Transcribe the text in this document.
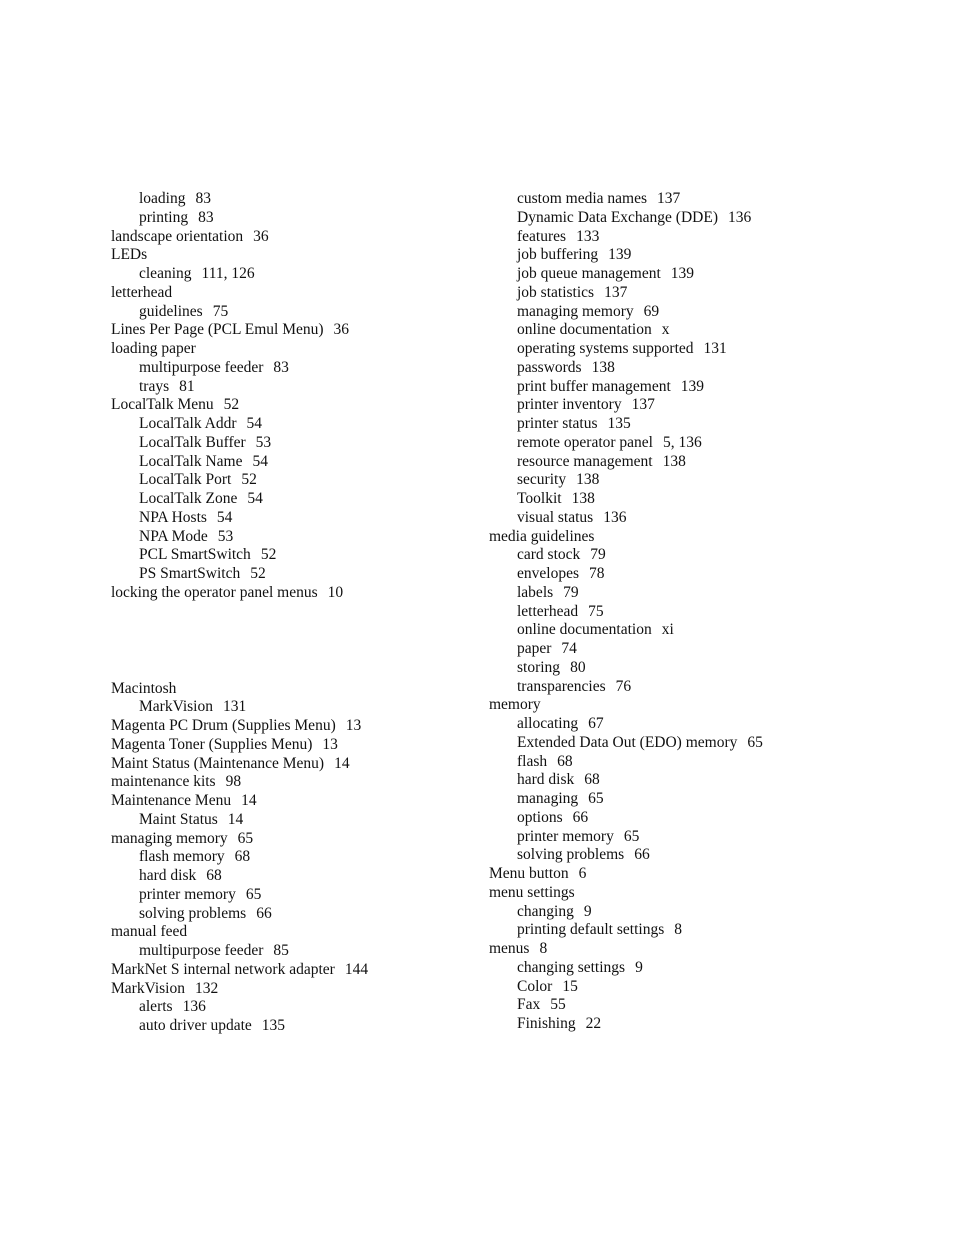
loading 83
printing 83
landscape orientation 36
LEDs
cleaning 111, 126
letterhead
guidelines 75
Lines Per Page (PCL Emul Menu) 36
loading paper
multipurpose feeder 83
trays 81
LocalTalk Menu 52
LocalTalk Addr 54
LocalTalk Buffer 53
LocalTalk Name 54
LocalTalk Port 52
LocalTalk Zone 54
NPA Hosts 54
NPA Mode 53
PCL SmartSwitch 52
PS SmartSwitch 52
locking the operator panel menus 10
Macintosh
MarkVision 131
Magenta PC Drum (Supplies Menu) 13
Magenta Toner (Supplies Menu) 13
Maint Status (Maintenance Menu) 14
maintenance kits 98
Maintenance Menu 14
Maint Status 14
managing memory 65
flash memory 68
hard disk 68
printer memory 65
solving problems 66
manual feed
multipurpose feeder 85
MarkNet S internal network adapter 144
MarkVision 132
alerts 136
auto driver update 135
custom media names 137
Dynamic Data Exchange (DDE) 136
features 133
job buffering 139
job queue management 139
job statistics 137
managing memory 69
online documentation x
operating systems supported 131
passwords 138
print buffer management 139
printer inventory 137
printer status 135
remote operator panel 5, 136
resource management 138
security 138
Toolkit 138
visual status 136
media guidelines
card stock 79
envelopes 78
labels 79
letterhead 75
online documentation xi
paper 74
storing 80
transparencies 76
memory
allocating 67
Extended Data Out (EDO) memory 65
flash 68
hard disk 68
managing 65
options 66
printer memory 65
solving problems 66
Menu button 6
menu settings
changing 9
printing default settings 8
menus 8
changing settings 9
Color 15
Fax 55
Finishing 22
